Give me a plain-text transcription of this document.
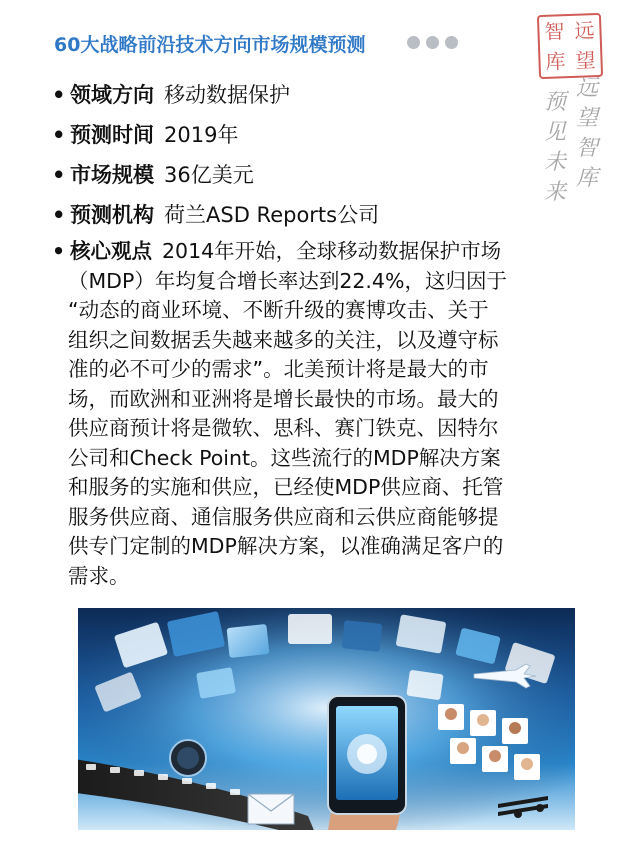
60大战略前沿技术方向市场规模预测
智 远
库 望
预
见
未
来
远
望
智
库
• 领域方向 移动数据保护
• 预测时间 2019年
• 市场规模 36亿美元
• 预测机构 荷兰ASD Reports公司
• 核心观点 2014年开始，全球移动数据保护市场
（MDP）年均复合增长率达到22.4%，这归因于
“动态的商业环境、不断升级的赛博攻击、关于
组织之间数据丢失越来越多的关注，以及遵守标
准的必不可少的需求”。北美预计将是最大的市
场，而欧洲和亚洲将是增长最快的市场。最大的
供应商预计将是微软、思科、赛门铁克、因特尔
公司和Check Point。这些流行的MDP解决方案
和服务的实施和供应，已经使MDP供应商、托管
服务供应商、通信服务供应商和云供应商能够提
供专门定制的MDP解决方案，以准确满足客户的
需求。
